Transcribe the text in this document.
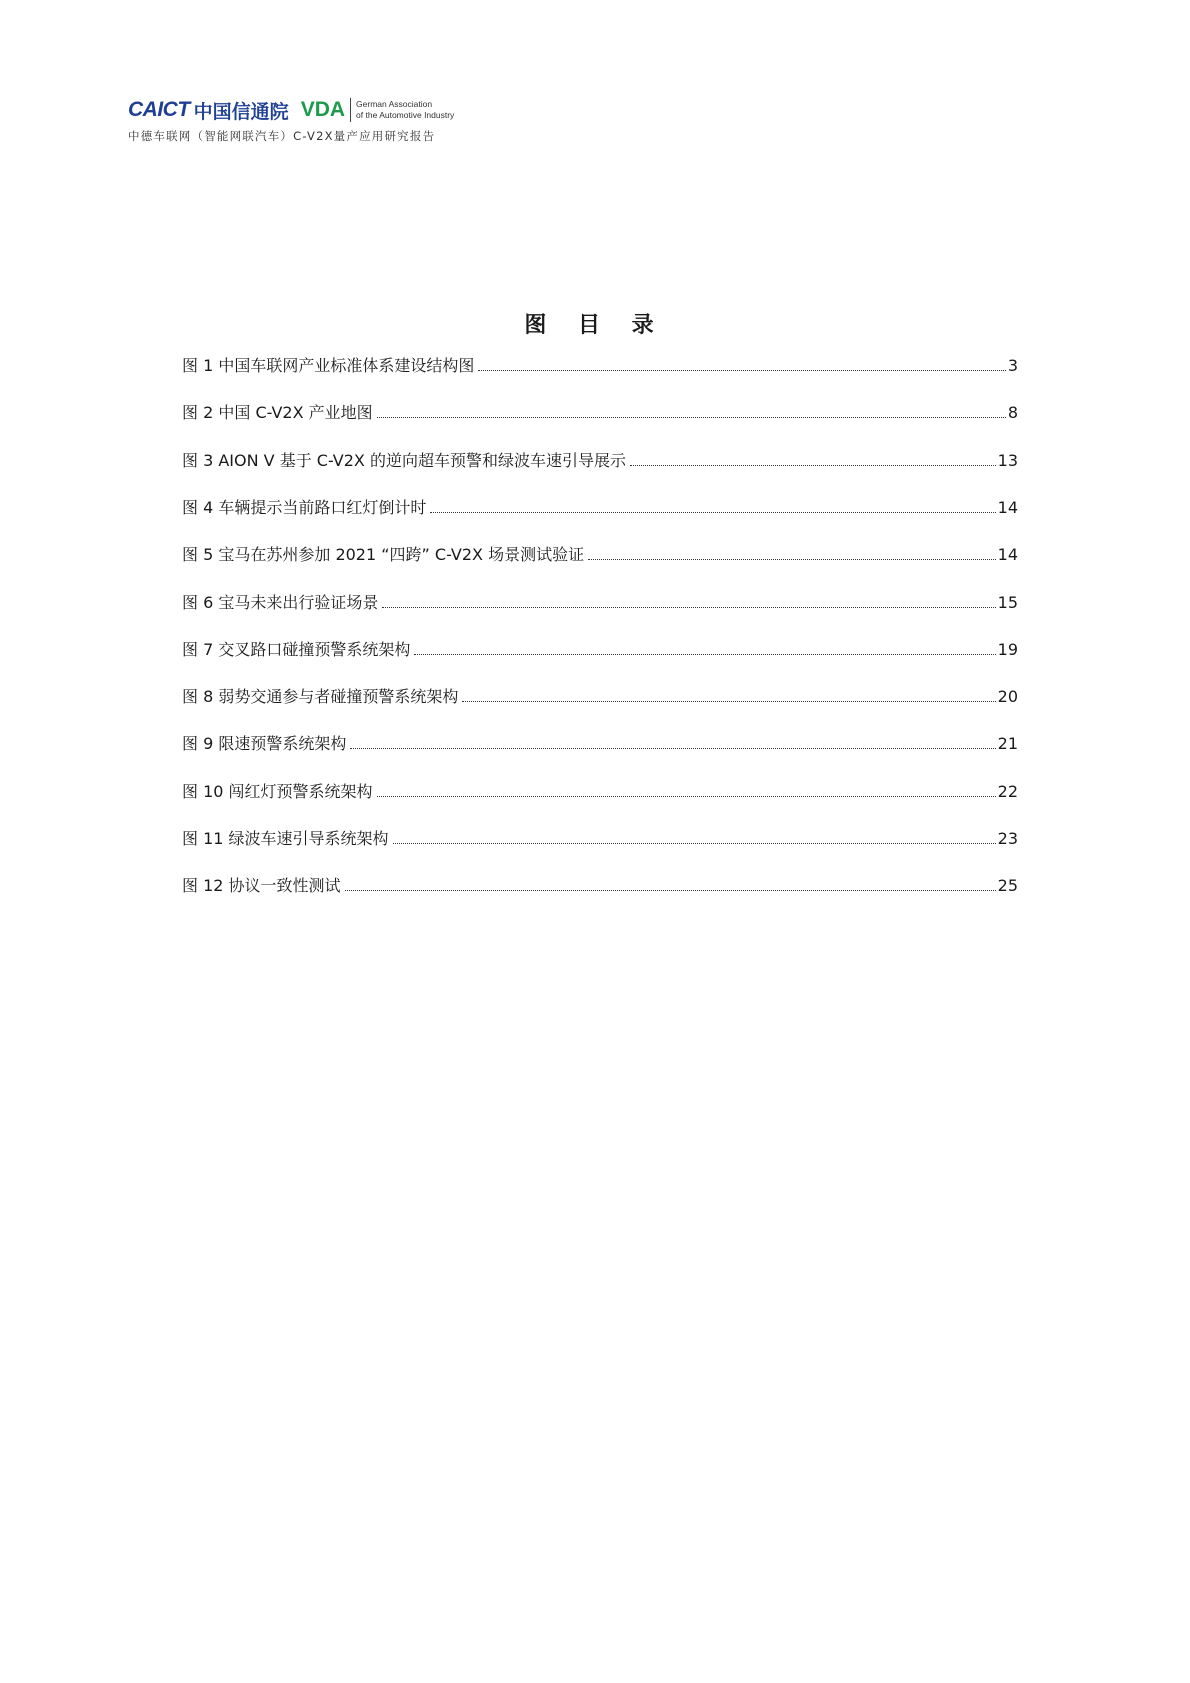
CAICT 中国信通院 VDA German Association
of the Automotive Industry
中德车联网（智能网联汽车）C-V2X量产应用研究报告
图 目 录
图 1 中国车联网产业标准体系建设结构图	3
图 2 中国 C-V2X 产业地图	8
图 3 AION V 基于 C-V2X 的逆向超车预警和绿波车速引导展示	13
图 4 车辆提示当前路口红灯倒计时	14
图 5 宝马在苏州参加 2021 “四跨” C-V2X 场景测试验证	14
图 6 宝马未来出行验证场景	15
图 7 交叉路口碰撞预警系统架构	19
图 8 弱势交通参与者碰撞预警系统架构	20
图 9 限速预警系统架构	21
图 10 闯红灯预警系统架构	22
图 11 绿波车速引导系统架构	23
图 12 协议一致性测试	25
